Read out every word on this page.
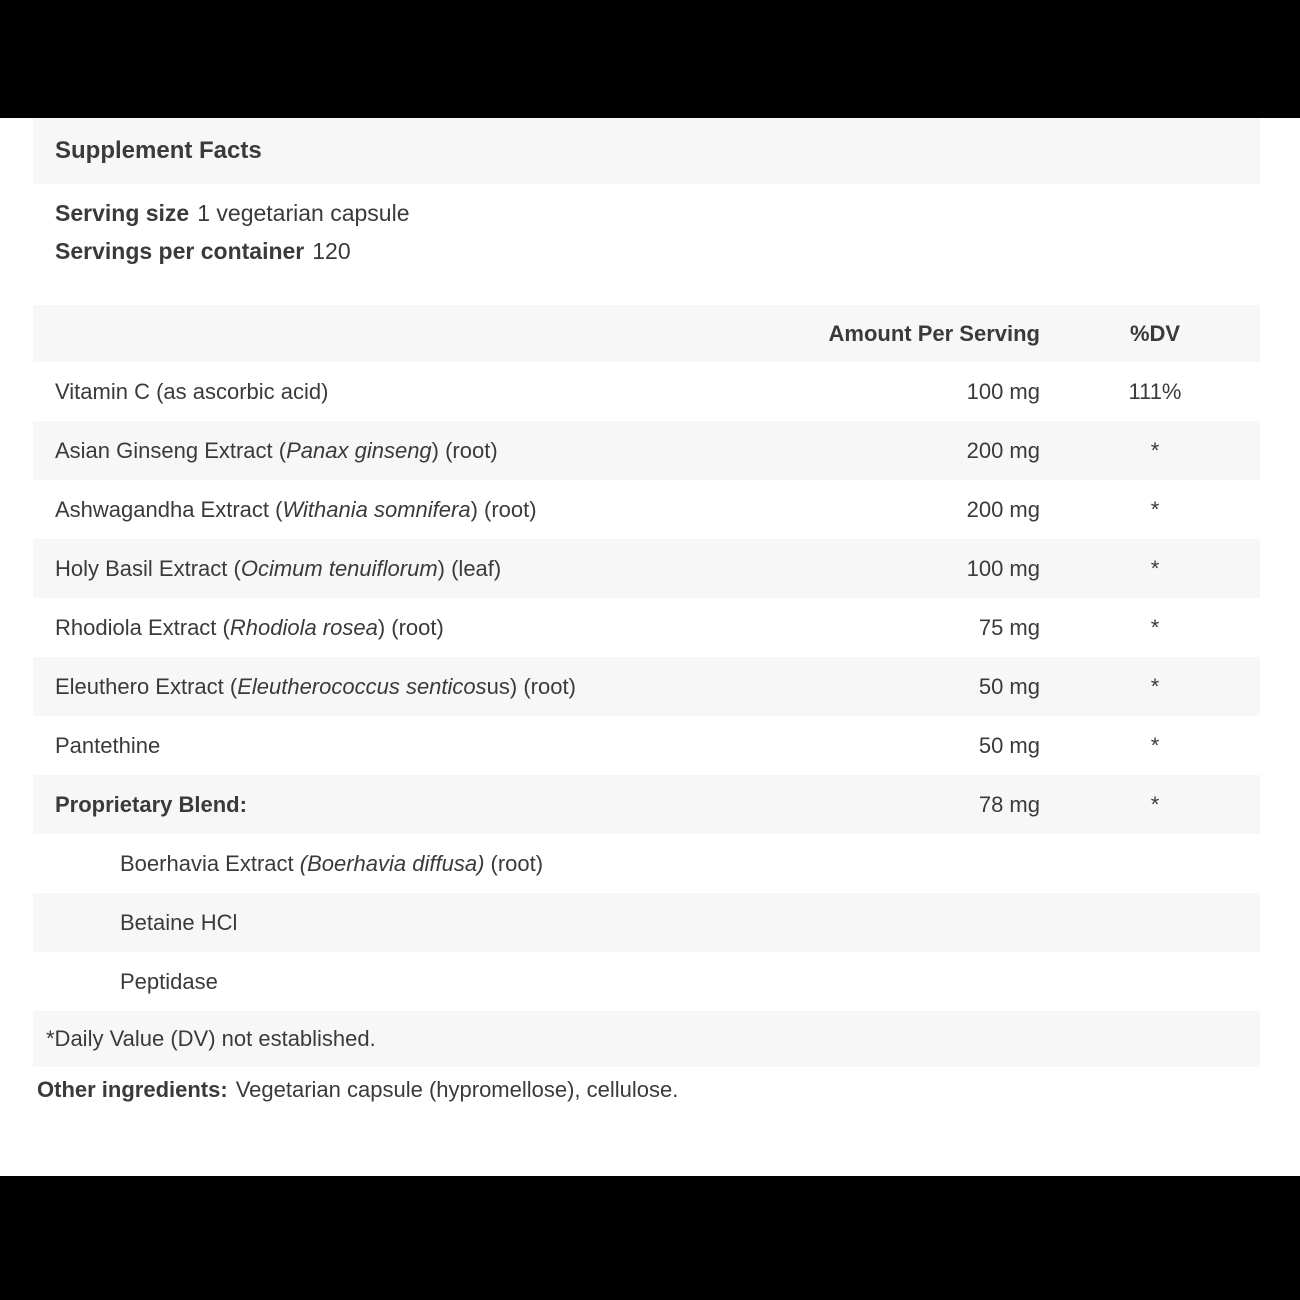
Supplement Facts
Serving size 1 vegetarian capsule
Servings per container 120
Amount Per Serving	%DV
Vitamin C (as ascorbic acid)	100 mg	111%
Asian Ginseng Extract ( Panax ginseng ) (root)	200 mg	*
Ashwagandha Extract ( Withania somnifera ) (root)	200 mg	*
Holy Basil Extract ( Ocimum tenuiflorum ) (leaf)	100 mg	*
Rhodiola Extract ( Rhodiola rosea ) (root)	75 mg	*
Eleuthero Extract ( Eleutherococcus senticos us) (root)	50 mg	*
Pantethine	50 mg	*
Proprietary Blend:	78 mg	*
Boerhavia Extract (Boerhavia diffusa) (root)
Betaine HCl
Peptidase
*Daily Value (DV) not established.
Other ingredients: Vegetarian capsule (hypromellose), cellulose.
